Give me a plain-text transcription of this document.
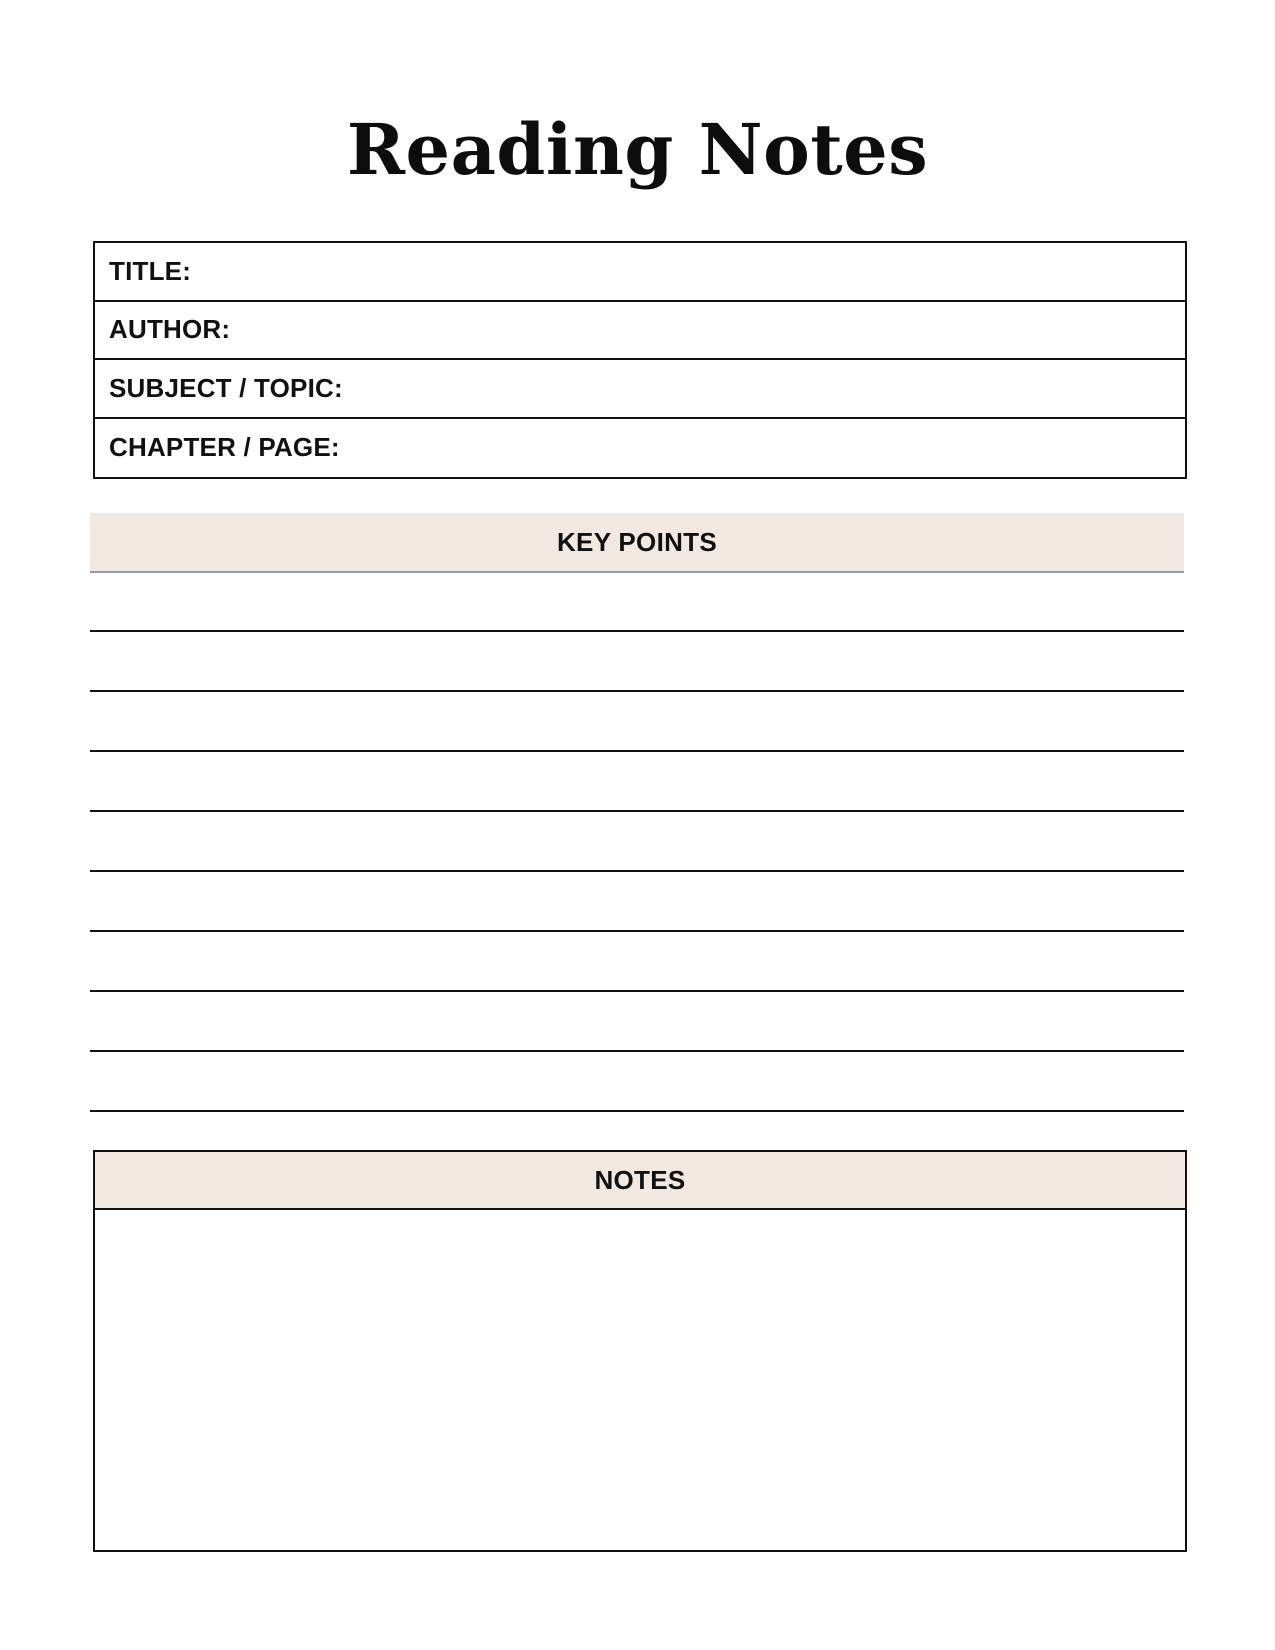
Reading Notes
TITLE:
AUTHOR:
SUBJECT / TOPIC:
CHAPTER / PAGE:
KEY POINTS
NOTES
